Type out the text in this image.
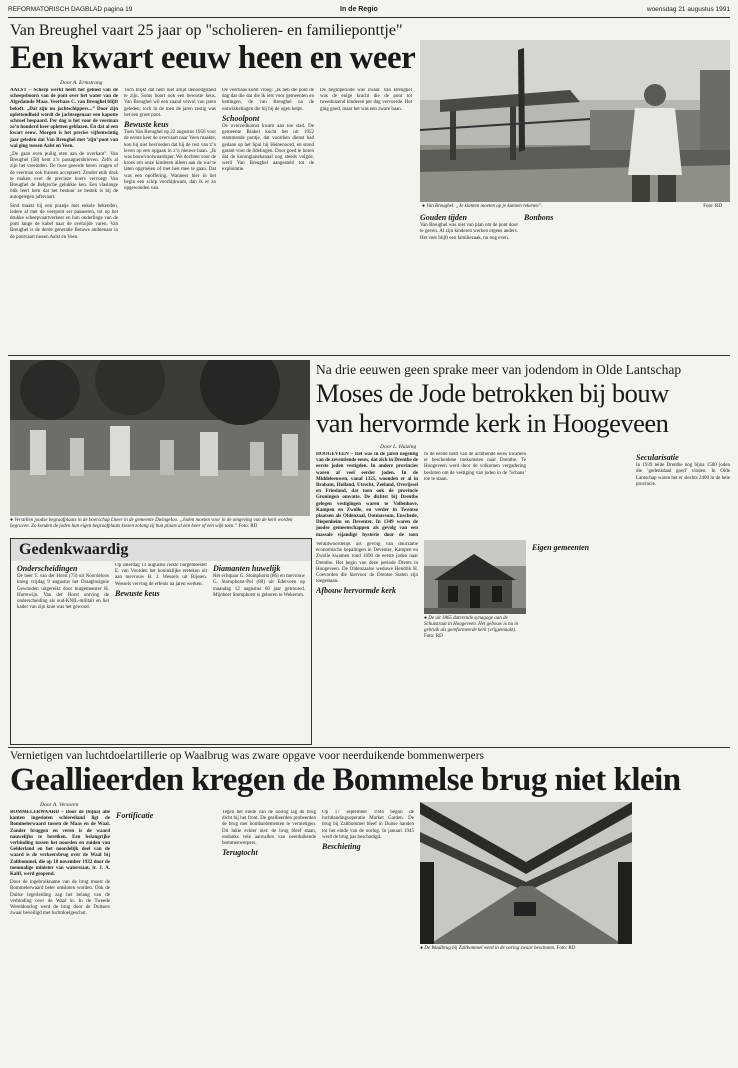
REFORMATORISCH DAGBLAD pagina 19	In de Regio	woensdag 21 augustus 1991
Van Breughel vaart 25 jaar op "scholieren- en familieponttje"
Een kwart eeuw heen en weer
● Van Breughel: „Je klanten moeten op je kunnen rekenen”.	Foto: RD
Door A. Ermstrang

AALST – Scherp werkt heeft het gebied van de scheepsboorn van de pont over het water van de Afgedamde Maas. Veerbaas C. van Breughel blijft bekeft. „Dat zijn nu jachtschippers...” Door zijn oplettendheid wordt de jachtsegenaar een kapotte schroef bespaard. Per dag is het voor de veerman zo’n honderd keer opletten geblazen. En dat al een kwart eeuw. Morgen is het precies vijfentwintig jaar geleden dat Van Breughel met ’zijn’ pont van wal ging tussen Aalst en Veen.

„De gaan even puilig eten aan de overkant”. Van Breughel (58) kent z’n passagiersbrieven. Zelfs al zijn het vreemden. De twee geeerde heren vragen of de veerman ook fransen accepteert. Zonder enik druk te maken over de precieze koers vervoegt Van Breughel de Belgische gelukkie ken. Een vlaslange blik leert hem dat het bestuur ze bestek is bij de autogelegen jaftsvaart.

Sind maakt hij een praatje met enkele bekenden, iedere al met de veerpont ser passeeren, tot op het drukke scheepvaartverkeer en hun onderlinge van de pont lange de kabel naar de overzijde varen. Van Breughel is de derde generatie Betuwe ambtenaar in de pontvaart tussen Aalst en Veen.

Toch blijkt dat hem niet altijd denoodgstand te zijn. Soms hoort ook een bewuste keus. Van Breughel wil een zaand vervul van jaren geleden; toch in de toen de jaren zestig was het een groet pont.

Bewuste keus

Toen Van Breughel op 22 augustus 1956 voor de eerste keer de overvaart naar Veen maakte, kon hij niet bevroeden dat hij de rest van z’n leven op een opgaan in z’n nieuwe baan. „Ik was bouwvoorwaardsper. We dochten voor de kroes om onze kinderen alleen aan de wal te laten opgroeien of met hen mee te gaan. Dat was een opoffering. Wanneer hier in het begin een schip voorbijkwam, dan ik er zo opgewonden van.

De veerbaas komt vroeg: „Ik heb die pont de dag dat die dat die ik iets voor gemeenten en kettingen, de van Breughel na de ontwikkelingen die hij bij de ogen helpt.

Schoolpont

De overzodkomst kwam aan toe stad. De gemeente Brakel kocht het uit 1952 stammende pontje, dat voordien dienst had gedaan op het Spui bij Heinenoord, en stond garant voor de lidelingen. Door goed te horen dat de koninginnekanaal nog steeds volgde, werd Van Breughel aangesteld tot de exploitatie.

De beginperiode was zwaar. Van Breughel was de enige kracht die de pont tot tweeduizend kinderen per dag vervoerde. Het ging goed, maar het was een zware baan.

Gouden tijden

Van Breughel was niet van plan om de pont door te geven. Al zijn kinderen werken ergens anders. Het veer blijft een familiezaak, nu nog even.

Bonbons
● Verstillen joodse begraafplaats in de boerschap Lheer in de gemeente Dwingeloo. „Joden moeten voor in de omgeving van de kerk worden begraven. Zo konden de joden hun eigen begraafplaats kiezen zolang zij hun plaats al een boer of een wijk toen.” Foto: RD
Na drie eeuwen geen sprake meer van jodendom in Olde Lantschap
Moses de Jode betrokken bij bouw
van hervormde kerk in Hoogeveen
Door L. Huizing

HOOGEVEEN – Het was in de jaren negentig van de zeventiende eeuw, dat zich in Drenthe de eerste joden vestigden. In andere provincies waren al veel eerder joden. In de Middeleeuwen, vanaf 1325, woonden er al in Brabant, Holland, Utrecht, Zeeland, Overijssel en Friesland, dat toen ook de provincie Groningen omvatte. De dichtst bij Drenthe gelegen vestigingen waren te Vollenhove, Kampen en Zwolle, en verder in Twentse plaatsen als Oldenzaal, Ootmarsum, Enschede, Diepenheim en Deventer. In 1349 waren de joodse gemeenschappen als gevolg van een massale vijandige hysterie door de toen

In de eerste helft van de achttiende eeuw kwamen er bescheidene toekomsten naar Drenthe. Te Hoogeveen werd door de volkomen vergadering besloten om de vestiging van joden in de ’Schans’ toe te staan.

Secularisatie

In 1939 telde Drenthe nog bijna 1500 joden die ’gedenkdaal goed’ vloden. In Olde Lantschap waren het er slechts 2400 in de hele provincie.

Verantwoordelijk als gevolg van duurzame economische bepalingen in Deventer, Kampen en Zwolle kwamen rond 1690 de eerste joden naar Drenthe. Het begin van deze periode Drents in Hoogeveen. De Oldenzaalse weduwe Hendrik H. Coevorden die hiervoor de Drentse Staten zijn toegestaan.

Afbouw hervormde kerk
● De uit 1865 daterende synagoge aan de Schutstraat in Hoogeveen. Het gebouw is nu in gebruik als gereformeerde kerk (vrijgemaakt). Foto: RD
Eigen gemeenten
Gedenkwaardig
Onderscheidingen

De heer T. van der Horst (73) uit Noordeloos kreeg vrijdag 9 augustus het Draaginsignie Gewonden uitgereikt door burgemeester H. Harrewijn. Van der Horst ontving de onderscheiding als oud-KNIL-militair en liet kader van zijn knie was het gewond.

Op zaterdag 13 augustus reikte burgemeester E. van Voorden het koninklijke ereteken uit aan mevrouw B. J. Wessels uit Rijssen. Wessels verving de erfenis na jaren werken.

Bewuste keus
Diamanten huwelijk

Het echtpaar G. Stomphorst (86) en mevrouw G. Stomphorst-Pol (80) uit Ederveen op maandag 12 augustus 60 jaar getrouwd. Mijnheer Stomphorst is geboren te Wekerom.

Vernietigen van luchtdoelartillerie op Waalbrug was zware opgave voor neerduikende bommenwerpers
Geallieerden kregen de Bommelse brug niet klein
Door A. Versoren

BOMMELERWAARD – Door de (bijna) alle kanten ingesloten schiereiland ligt de Bommelerwaard tussen de Maas en de Waal. Zonder bruggen en veren is de waard nauwelijks te bereiken. Een belangrijke verbinding tussen het noorden en zuiden van Gelderland en het noordelijk deel van de waard is de verkeersbrug over de Waal bij Zaltbommel, die op 18 november 1932 door de toenmalige minister van waterstaat, ir. J. A. Kalff, werd geopend.

Door de ingebruikname van de brug moest de Bommelerwaard beter ontsloten worden. Ook de Duitse legerleiding zag het belang van de verbinding over de Waal in. In de Tweede Wereldoorlog werd de brug door de Duitsers zwaar beveiligd met luchtdoelgeschut.

Fortificatie	Tegen het einde van de oorlog lag de brug dicht bij het front. De geallieerden probeerden de brug met bombardementen te vernietigen. Dit lukte echter niet: de brug bleef staan, ondanks vele aanvallen van neerduikende bommenwerpers.

Terugtocht

Op 17 september 1944 begon de luchtlandingsoperatie Market Garden. De brug bij Zaltbommel bleef in Duitse handen tot het einde van de oorlog. In januari 1945 werd de brug pas beschadigd.

Beschieting
● De Waalbrug bij Zaltbommel werd in de oorlog zwaar beschoten. Foto: RD
